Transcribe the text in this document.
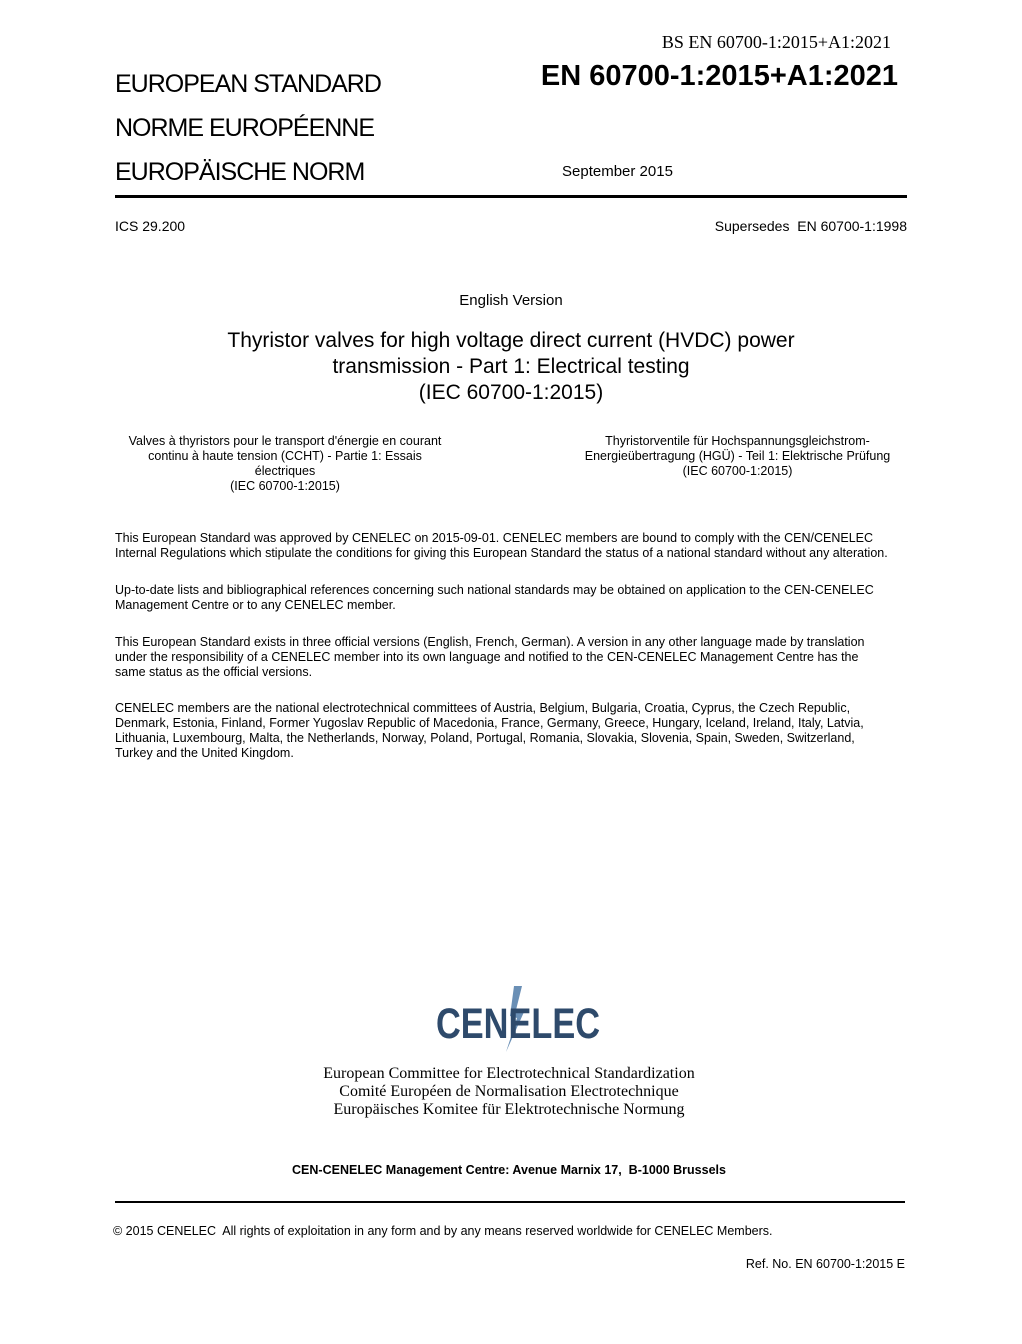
BS EN 60700-1:2015+A1:2021
EUROPEAN STANDARD
NORME EUROPÉENNE
EUROPÄISCHE NORM
EN 60700-1:2015+A1:2021
September 2015
ICS 29.200	Supersedes  EN 60700-1:1998
English Version
Thyristor valves for high voltage direct current (HVDC) power
transmission - Part 1: Electrical testing
(IEC 60700-1:2015)
Valves à thyristors pour le transport d'énergie en courant
continu à haute tension (CCHT) - Partie 1: Essais
électriques
(IEC 60700-1:2015)
Thyristorventile für Hochspannungsgleichstrom-
Energieübertragung (HGÜ) - Teil 1: Elektrische Prüfung
(IEC 60700-1:2015)
This European Standard was approved by CENELEC on 2015-09-01. CENELEC members are bound to comply with the CEN/CENELEC
Internal Regulations which stipulate the conditions for giving this European Standard the status of a national standard without any alteration.
Up-to-date lists and bibliographical references concerning such national standards may be obtained on application to the CEN-CENELEC
Management Centre or to any CENELEC member.
This European Standard exists in three official versions (English, French, German). A version in any other language made by translation
under the responsibility of a CENELEC member into its own language and notified to the CEN-CENELEC Management Centre has the
same status as the official versions.
CENELEC members are the national electrotechnical committees of Austria, Belgium, Bulgaria, Croatia, Cyprus, the Czech Republic,
Denmark, Estonia, Finland, Former Yugoslav Republic of Macedonia, France, Germany, Greece, Hungary, Iceland, Ireland, Italy, Latvia,
Lithuania, Luxembourg, Malta, the Netherlands, Norway, Poland, Portugal, Romania, Slovakia, Slovenia, Spain, Sweden, Switzerland,
Turkey and the United Kingdom.
CENELEC
European Committee for Electrotechnical Standardization
Comité Européen de Normalisation Electrotechnique
Europäisches Komitee für Elektrotechnische Normung
CEN-CENELEC Management Centre: Avenue Marnix 17,  B-1000 Brussels
© 2015 CENELEC  All rights of exploitation in any form and by any means reserved worldwide for CENELEC Members.
Ref. No. EN 60700-1:2015 E
